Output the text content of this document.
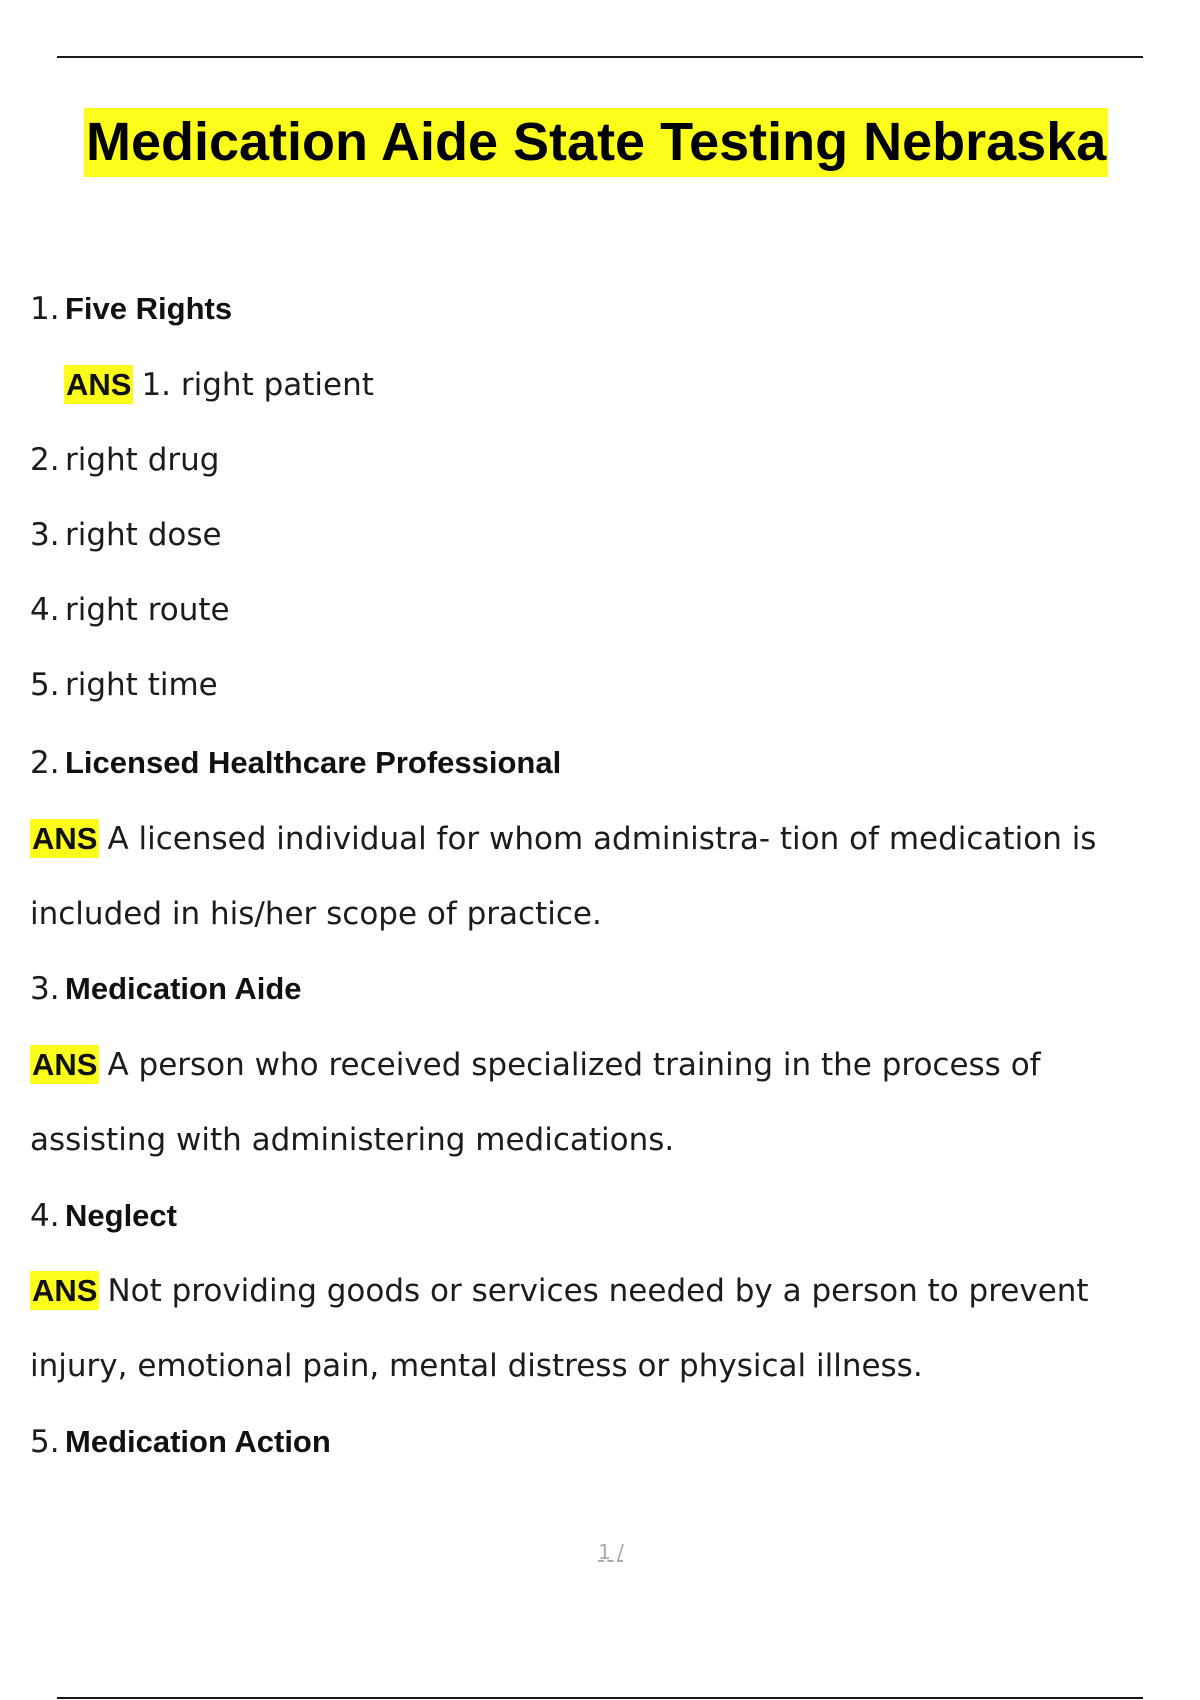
Medication Aide State Testing Nebraska
1. Five Rights
ANS 1. right patient
2. right drug
3. right dose
4. right route
5. right time
2. Licensed Healthcare Professional
ANS A licensed individual for whom administra- tion of medication is
included in his/her scope of practice.
3. Medication Aide
ANS A person who received specialized training in the process of
assisting with administering medications.
4. Neglect
ANS Not providing goods or services needed by a person to prevent
injury, emotional pain, mental distress or physical illness.
5. Medication Action
1 /
